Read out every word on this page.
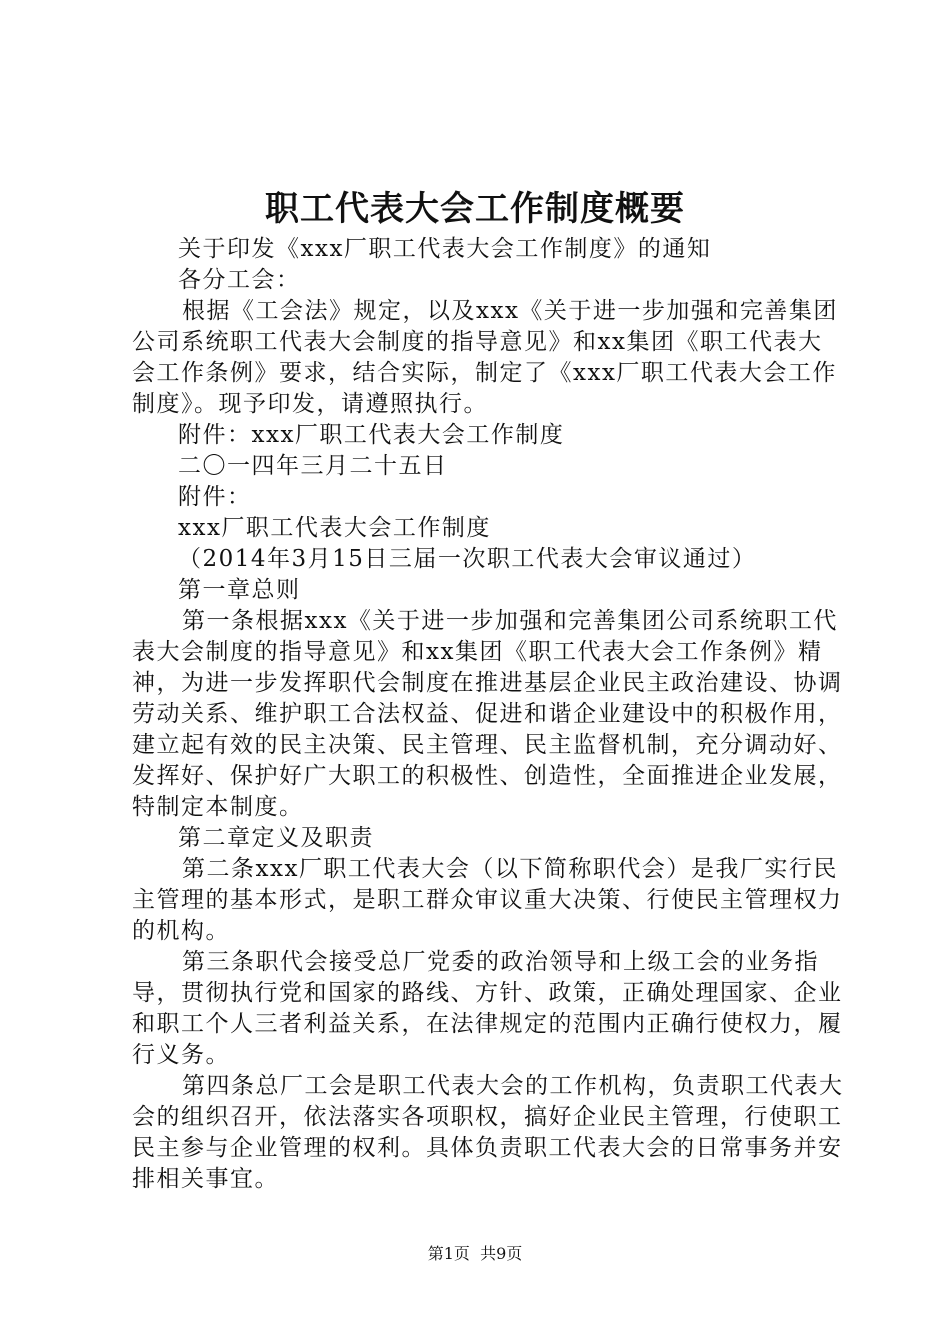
职工代表大会工作制度概要

关于印发《xxx厂职工代表大会工作制度》的通知

各分工会：

根据《工会法》规定，以及xxx《关于进一步加强和完善集团公司系统职工代表大会制度的指导意见》和xx集团《职工代表大会工作条例》要求，结合实际，制定了《xxx厂职工代表大会工作制度》。现予印发，请遵照执行。

附件：xxx厂职工代表大会工作制度

二〇一四年三月二十五日

附件：

xxx厂职工代表大会工作制度

（2014年3月15日三届一次职工代表大会审议通过）

第一章总则

第一条根据xxx《关于进一步加强和完善集团公司系统职工代表大会制度的指导意见》和xx集团《职工代表大会工作条例》精神，为进一步发挥职代会制度在推进基层企业民主政治建设、协调劳动关系、维护职工合法权益、促进和谐企业建设中的积极作用，建立起有效的民主决策、民主管理、民主监督机制，充分调动好、发挥好、保护好广大职工的积极性、创造性，全面推进企业发展，特制定本制度。

第二章定义及职责

第二条xxx厂职工代表大会（以下简称职代会）是我厂实行民主管理的基本形式，是职工群众审议重大决策、行使民主管理权力的机构。

第三条职代会接受总厂党委的政治领导和上级工会的业务指导，贯彻执行党和国家的路线、方针、政策，正确处理国家、企业和职工个人三者利益关系，在法律规定的范围内正确行使权力，履行义务。

第四条总厂工会是职工代表大会的工作机构，负责职工代表大会的组织召开，依法落实各项职权，搞好企业民主管理，行使职工民主参与企业管理的权利。具体负责职工代表大会的日常事务并安排相关事宜。

第1页  共9页
